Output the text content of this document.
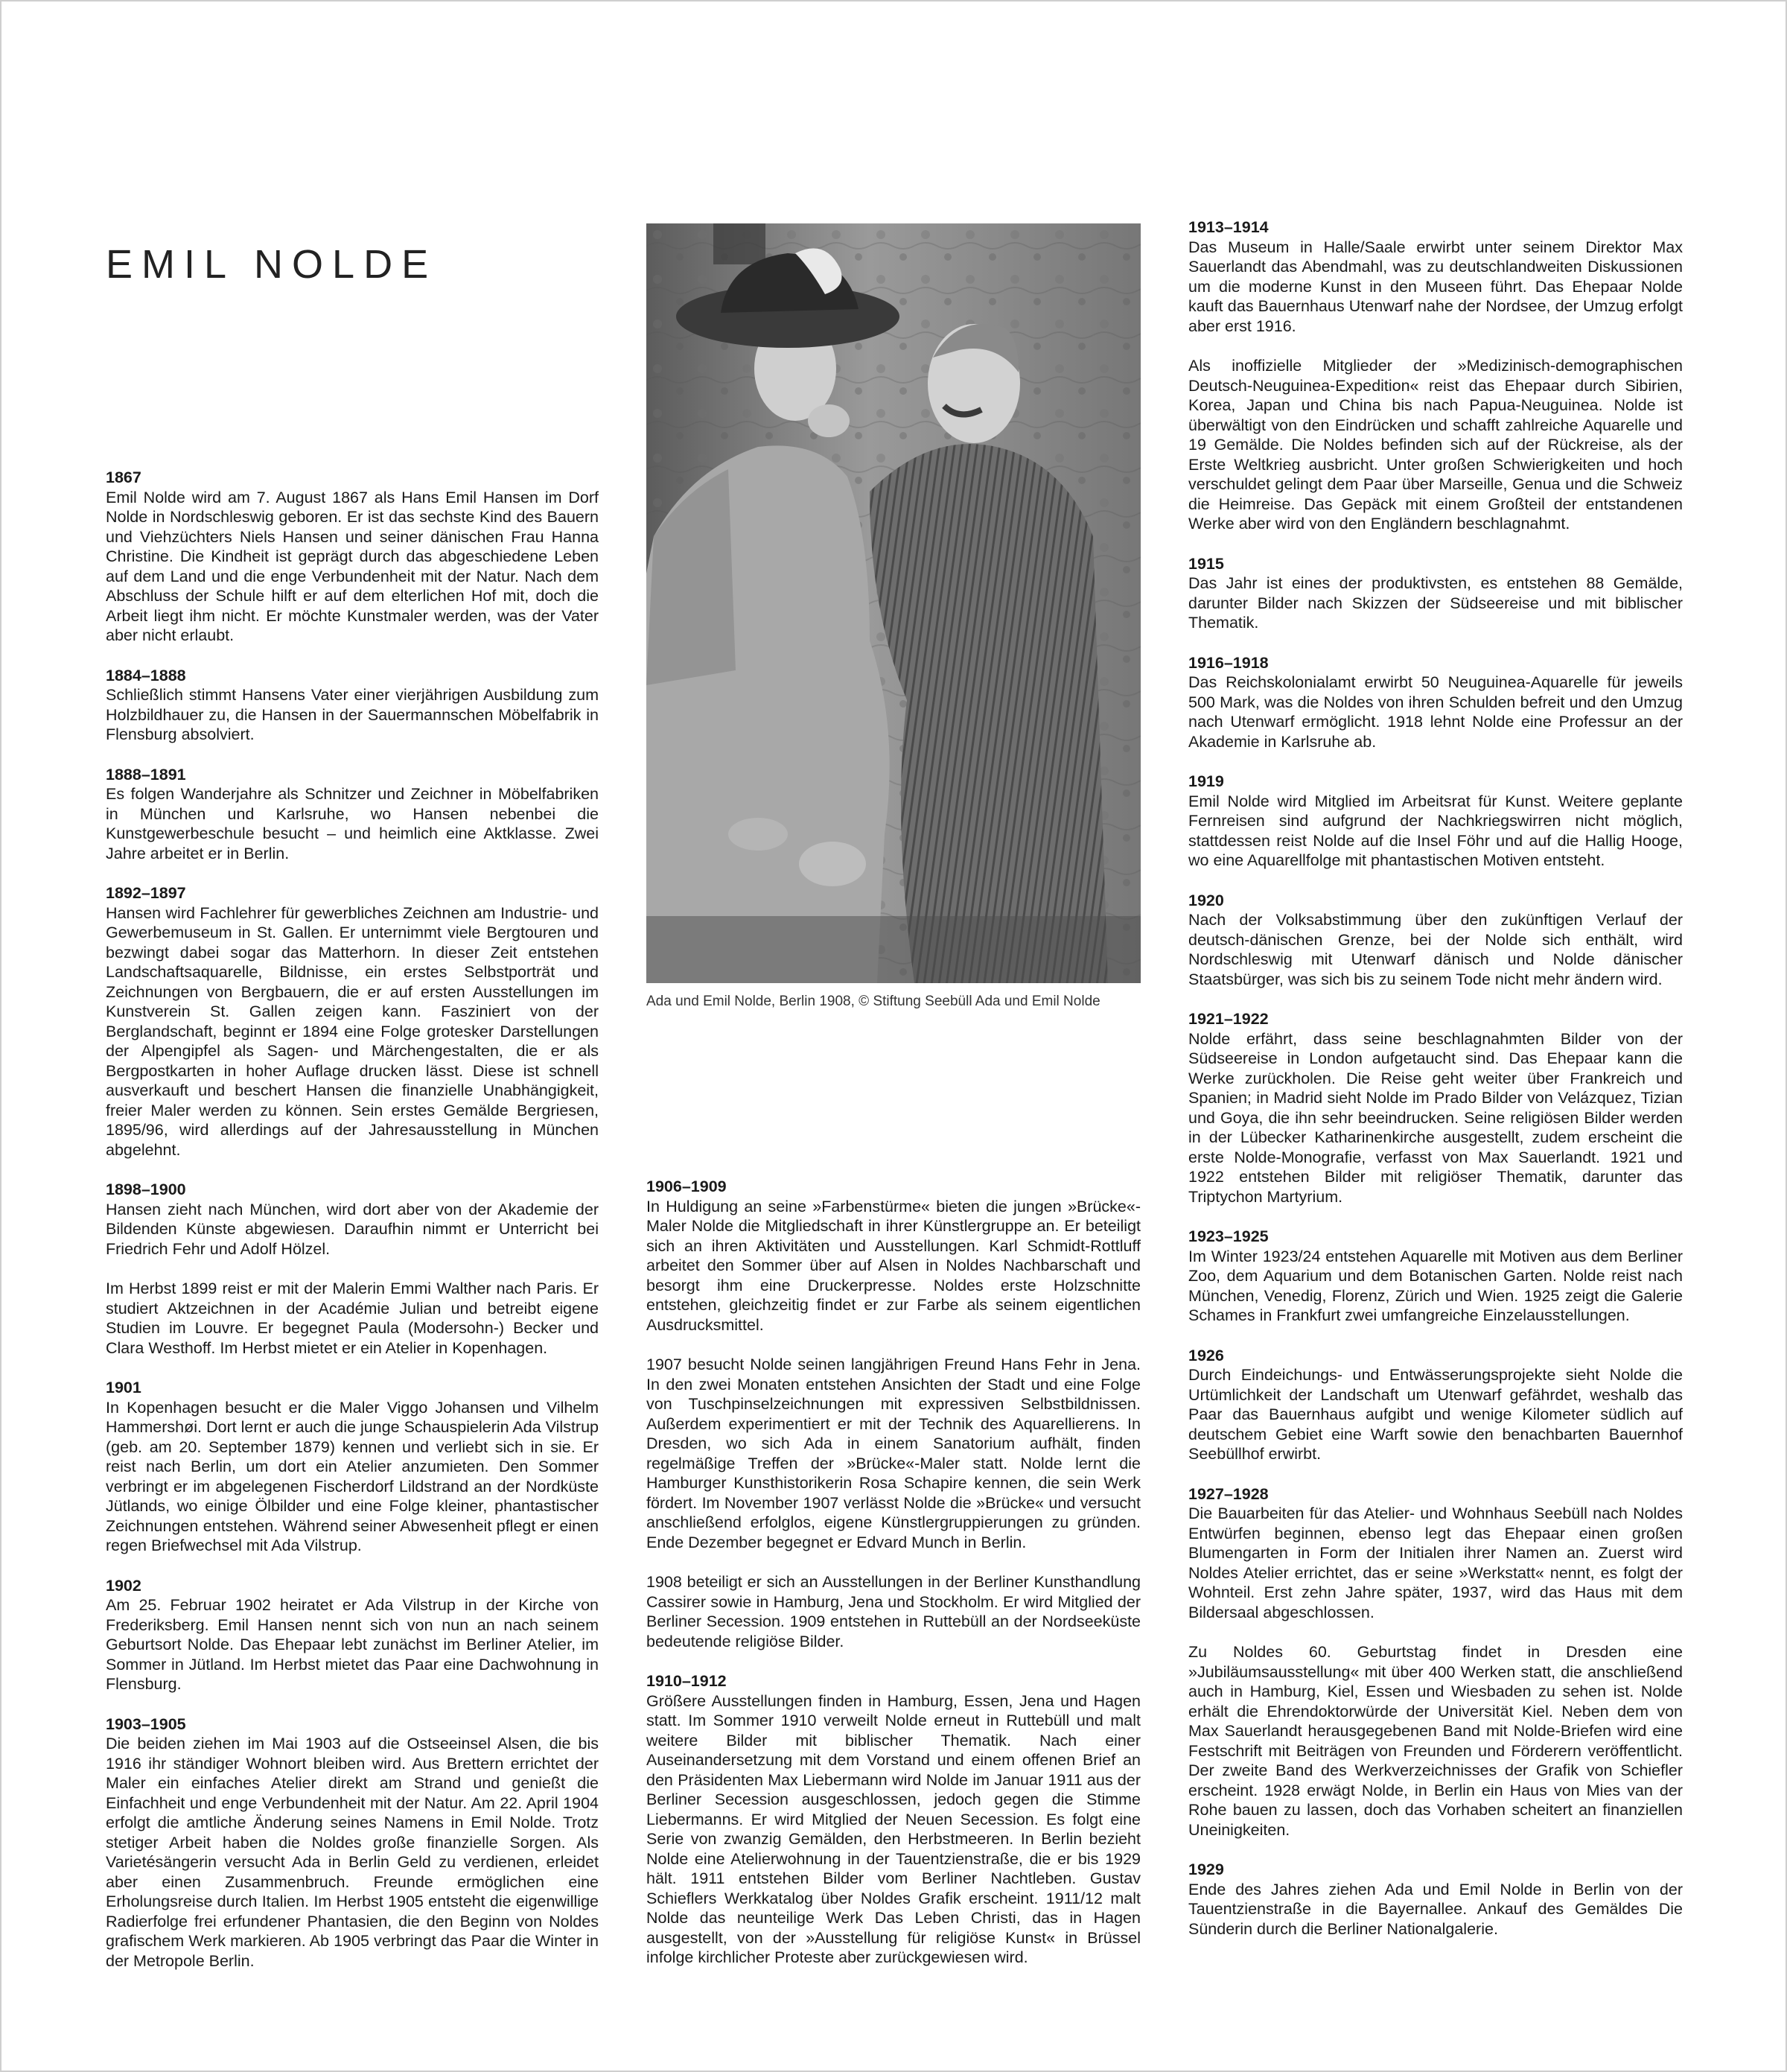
EMIL NOLDE
1867

Emil Nolde wird am 7. August 1867 als Hans Emil Hansen im Dorf Nolde in Nordschleswig geboren. Er ist das sechste Kind des Bauern und Viehzüchters Niels Hansen und seiner dänischen Frau Hanna Christine. Die Kindheit ist geprägt durch das abgeschiedene Leben auf dem Land und die enge Verbundenheit mit der Natur. Nach dem Abschluss der Schule hilft er auf dem elterlichen Hof mit, doch die Arbeit liegt ihm nicht. Er möchte Kunstmaler werden, was der Vater aber nicht erlaubt.

1884–1888

Schließlich stimmt Hansens Vater einer vierjährigen Ausbildung zum Holzbildhauer zu, die Hansen in der Sauermannschen Möbelfabrik in Flensburg absolviert.

1888–1891

Es folgen Wanderjahre als Schnitzer und Zeichner in Möbelfabriken in München und Karlsruhe, wo Hansen nebenbei die Kunstgewerbeschule besucht – und heimlich eine Aktklasse. Zwei Jahre arbeitet er in Berlin.

1892–1897

Hansen wird Fachlehrer für gewerbliches Zeichnen am Industrie- und Gewerbemuseum in St. Gallen. Er unternimmt viele Bergtouren und bezwingt dabei sogar das Matterhorn. In dieser Zeit entstehen Landschaftsaquarelle, Bildnisse, ein erstes Selbstporträt und Zeichnungen von Bergbauern, die er auf ersten Ausstellungen im Kunstverein St. Gallen zeigen kann. Fasziniert von der Berglandschaft, beginnt er 1894 eine Folge grotesker Darstellungen der Alpengipfel als Sagen- und Märchengestalten, die er als Bergpostkarten in hoher Auflage drucken lässt. Diese ist schnell ausverkauft und beschert Hansen die finanzielle Unabhängigkeit, freier Maler werden zu können. Sein erstes Gemälde Bergriesen, 1895/96, wird allerdings auf der Jahresausstellung in München abgelehnt.

1898–1900

Hansen zieht nach München, wird dort aber von der Akademie der Bildenden Künste abgewiesen. Daraufhin nimmt er Unterricht bei Friedrich Fehr und Adolf Hölzel.

Im Herbst 1899 reist er mit der Malerin Emmi Walther nach Paris. Er studiert Aktzeichnen in der Académie Julian und betreibt eigene Studien im Louvre. Er begegnet Paula (Modersohn-) Becker und Clara Westhoff. Im Herbst mietet er ein Atelier in Kopenhagen.

1901

In Kopenhagen besucht er die Maler Viggo Johansen und Vilhelm Hammershøi. Dort lernt er auch die junge Schauspielerin Ada Vilstrup (geb. am 20. September 1879) kennen und verliebt sich in sie. Er reist nach Berlin, um dort ein Atelier anzumieten. Den Sommer verbringt er im abgelegenen Fischerdorf Lildstrand an der Nordküste Jütlands, wo einige Ölbilder und eine Folge kleiner, phantastischer Zeichnungen entstehen. Während seiner Abwesenheit pflegt er einen regen Briefwechsel mit Ada Vilstrup.

1902

Am 25. Februar 1902 heiratet er Ada Vilstrup in der Kirche von Frederiksberg. Emil Hansen nennt sich von nun an nach seinem Geburtsort Nolde. Das Ehepaar lebt zunächst im Berliner Atelier, im Sommer in Jütland. Im Herbst mietet das Paar eine Dachwohnung in Flensburg.

1903–1905

Die beiden ziehen im Mai 1903 auf die Ostseeinsel Alsen, die bis 1916 ihr ständiger Wohnort bleiben wird. Aus Brettern errichtet der Maler ein einfaches Atelier direkt am Strand und genießt die Einfachheit und enge Verbundenheit mit der Natur. Am 22. April 1904 erfolgt die amtliche Änderung seines Namens in Emil Nolde. Trotz stetiger Arbeit haben die Noldes große finanzielle Sorgen. Als Varietésängerin versucht Ada in Berlin Geld zu verdienen, erleidet aber einen Zusammenbruch. Freunde ermöglichen eine Erholungsreise durch Italien. Im Herbst 1905 entsteht die eigenwillige Radierfolge frei erfundener Phantasien, die den Beginn von Noldes grafischem Werk markieren. Ab 1905 verbringt das Paar die Winter in der Metropole Berlin.

Ada und Emil Nolde, Berlin 1908, © Stiftung Seebüll Ada und Emil Nolde
1906–1909

In Huldigung an seine »Farbenstürme« bieten die jungen »Brücke«-Maler Nolde die Mitgliedschaft in ihrer Künstlergruppe an. Er beteiligt sich an ihren Aktivitäten und Ausstellungen. Karl Schmidt-Rottluff arbeitet den Sommer über auf Alsen in Noldes Nachbarschaft und besorgt ihm eine Druckerpresse. Noldes erste Holzschnitte entstehen, gleichzeitig findet er zur Farbe als seinem eigentlichen Ausdrucksmittel.

1907 besucht Nolde seinen langjährigen Freund Hans Fehr in Jena. In den zwei Monaten entstehen Ansichten der Stadt und eine Folge von Tuschpinselzeichnungen mit expressiven Selbstbildnissen. Außerdem experimentiert er mit der Technik des Aquarellierens. In Dresden, wo sich Ada in einem Sanatorium aufhält, finden regelmäßige Treffen der »Brücke«-Maler statt. Nolde lernt die Hamburger Kunsthistorikerin Rosa Schapire kennen, die sein Werk fördert. Im November 1907 verlässt Nolde die »Brücke« und versucht anschließend erfolglos, eigene Künstlergruppierungen zu gründen. Ende Dezember begegnet er Edvard Munch in Berlin.

1908 beteiligt er sich an Ausstellungen in der Berliner Kunsthandlung Cassirer sowie in Hamburg, Jena und Stockholm. Er wird Mitglied der Berliner Secession. 1909 entstehen in Ruttebüll an der Nordseeküste bedeutende religiöse Bilder.

1910–1912

Größere Ausstellungen finden in Hamburg, Essen, Jena und Hagen statt. Im Sommer 1910 verweilt Nolde erneut in Ruttebüll und malt weitere Bilder mit biblischer Thematik. Nach einer Auseinandersetzung mit dem Vorstand und einem offenen Brief an den Präsidenten Max Liebermann wird Nolde im Januar 1911 aus der Berliner Secession ausgeschlossen, jedoch gegen die Stimme Liebermanns. Er wird Mitglied der Neuen Secession. Es folgt eine Serie von zwanzig Gemälden, den Herbstmeeren. In Berlin bezieht Nolde eine Atelierwohnung in der Tauentzienstraße, die er bis 1929 hält. 1911 entstehen Bilder vom Berliner Nachtleben. Gustav Schieflers Werkkatalog über Noldes Grafik erscheint. 1911/12 malt Nolde das neunteilige Werk Das Leben Christi, das in Hagen ausgestellt, von der »Ausstellung für religiöse Kunst« in Brüssel infolge kirchlicher Proteste aber zurückgewiesen wird.

1913–1914

Das Museum in Halle/Saale erwirbt unter seinem Direktor Max Sauerlandt das Abendmahl, was zu deutschlandweiten Diskussionen um die moderne Kunst in den Museen führt. Das Ehepaar Nolde kauft das Bauernhaus Utenwarf nahe der Nordsee, der Umzug erfolgt aber erst 1916.

Als inoffizielle Mitglieder der »Medizinisch-demographischen Deutsch-Neuguinea-Expedition« reist das Ehepaar durch Sibirien, Korea, Japan und China bis nach Papua-Neuguinea. Nolde ist überwältigt von den Eindrücken und schafft zahlreiche Aquarelle und 19 Gemälde. Die Noldes befinden sich auf der Rückreise, als der Erste Weltkrieg ausbricht. Unter großen Schwierigkeiten und hoch verschuldet gelingt dem Paar über Marseille, Genua und die Schweiz die Heimreise. Das Gepäck mit einem Großteil der entstandenen Werke aber wird von den Engländern beschlagnahmt.

1915

Das Jahr ist eines der produktivsten, es entstehen 88 Gemälde, darunter Bilder nach Skizzen der Südseereise und mit biblischer Thematik.

1916–1918

Das Reichskolonialamt erwirbt 50 Neuguinea-Aquarelle für jeweils 500 Mark, was die Noldes von ihren Schulden befreit und den Umzug nach Utenwarf ermöglicht. 1918 lehnt Nolde eine Professur an der Akademie in Karlsruhe ab.

1919

Emil Nolde wird Mitglied im Arbeitsrat für Kunst. Weitere geplante Fernreisen sind aufgrund der Nachkriegswirren nicht möglich, stattdessen reist Nolde auf die Insel Föhr und auf die Hallig Hooge, wo eine Aquarellfolge mit phantastischen Motiven entsteht.

1920

Nach der Volksabstimmung über den zukünftigen Verlauf der deutsch-dänischen Grenze, bei der Nolde sich enthält, wird Nordschleswig mit Utenwarf dänisch und Nolde dänischer Staatsbürger, was sich bis zu seinem Tode nicht mehr ändern wird.

1921–1922

Nolde erfährt, dass seine beschlagnahmten Bilder von der Südseereise in London aufgetaucht sind. Das Ehepaar kann die Werke zurückholen. Die Reise geht weiter über Frankreich und Spanien; in Madrid sieht Nolde im Prado Bilder von Velázquez, Tizian und Goya, die ihn sehr beeindrucken. Seine religiösen Bilder werden in der Lübecker Katharinenkirche ausgestellt, zudem erscheint die erste Nolde-Monografie, verfasst von Max Sauerlandt. 1921 und 1922 entstehen Bilder mit religiöser Thematik, darunter das Triptychon Martyrium.

1923–1925

Im Winter 1923/24 entstehen Aquarelle mit Motiven aus dem Berliner Zoo, dem Aquarium und dem Botanischen Garten. Nolde reist nach München, Venedig, Florenz, Zürich und Wien. 1925 zeigt die Galerie Schames in Frankfurt zwei umfangreiche Einzelausstellungen.

1926

Durch Eindeichungs- und Entwässerungsprojekte sieht Nolde die Urtümlichkeit der Landschaft um Utenwarf gefährdet, weshalb das Paar das Bauernhaus aufgibt und wenige Kilometer südlich auf deutschem Gebiet eine Warft sowie den benachbarten Bauernhof Seebüllhof erwirbt.

1927–1928

Die Bauarbeiten für das Atelier- und Wohnhaus Seebüll nach Noldes Entwürfen beginnen, ebenso legt das Ehepaar einen großen Blumengarten in Form der Initialen ihrer Namen an. Zuerst wird Noldes Atelier errichtet, das er seine »Werkstatt« nennt, es folgt der Wohnteil. Erst zehn Jahre später, 1937, wird das Haus mit dem Bildersaal abgeschlossen.

Zu Noldes 60. Geburtstag findet in Dresden eine »Jubiläumsausstellung« mit über 400 Werken statt, die anschließend auch in Hamburg, Kiel, Essen und Wiesbaden zu sehen ist. Nolde erhält die Ehrendoktorwürde der Universität Kiel. Neben dem von Max Sauerlandt herausgegebenen Band mit Nolde-Briefen wird eine Festschrift mit Beiträgen von Freunden und Förderern veröffentlicht. Der zweite Band des Werkverzeichnisses der Grafik von Schiefler erscheint. 1928 erwägt Nolde, in Berlin ein Haus von Mies van der Rohe bauen zu lassen, doch das Vorhaben scheitert an finanziellen Uneinigkeiten.

1929

Ende des Jahres ziehen Ada und Emil Nolde in Berlin von der Tauentzienstraße in die Bayernallee. Ankauf des Gemäldes Die Sünderin durch die Berliner Nationalgalerie.
